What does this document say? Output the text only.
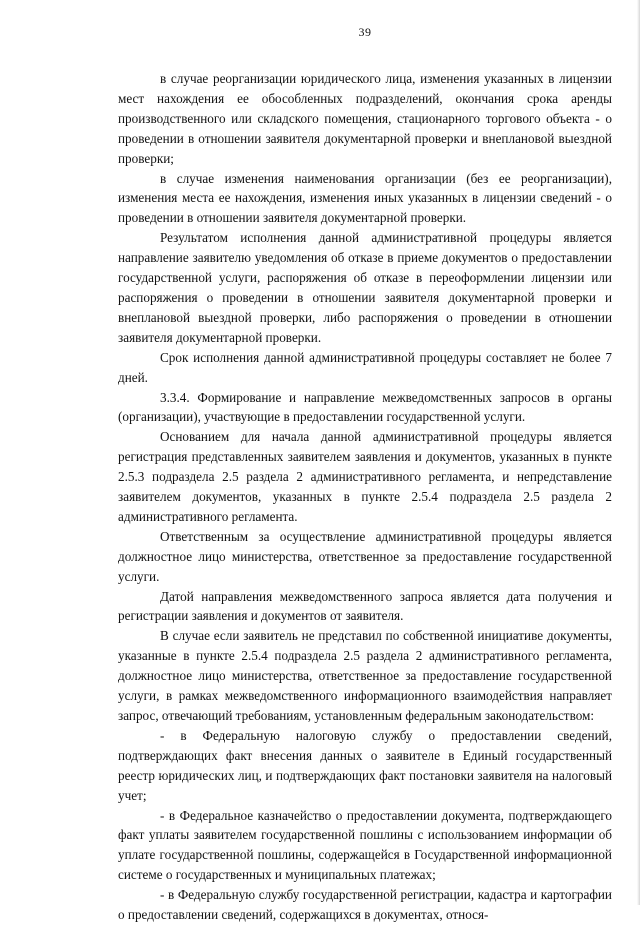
39

в случае реорганизации юридического лица, изменения указанных в лицензии мест нахождения ее обособленных подразделений, окончания срока аренды производственного или складского помещения, стационарного торгового объекта - о проведении в отношении заявителя документарной проверки и внеплановой выездной проверки;

в случае изменения наименования организации (без ее реорганизации), изменения места ее нахождения, изменения иных указанных в лицензии сведений - о проведении в отношении заявителя документарной проверки.

Результатом исполнения данной административной процедуры является направление заявителю уведомления об отказе в приеме документов о предоставлении государственной услуги, распоряжения об отказе в переоформлении лицензии или распоряжения о проведении в отношении заявителя документарной проверки и внеплановой выездной проверки, либо распоряжения о проведении в отношении заявителя документарной проверки.

Срок исполнения данной административной процедуры составляет не более 7 дней.

3.3.4. Формирование и направление межведомственных запросов в органы (организации), участвующие в предоставлении государственной услуги.

Основанием для начала данной административной процедуры является регистрация представленных заявителем заявления и документов, указанных в пункте 2.5.3 подраздела 2.5 раздела 2 административного регламента, и непредставление заявителем документов, указанных в пункте 2.5.4 подраздела 2.5 раздела 2 административного регламента.

Ответственным за осуществление административной процедуры является должностное лицо министерства, ответственное за предоставление государственной услуги.

Датой направления межведомственного запроса является дата получения и регистрации заявления и документов от заявителя.

В случае если заявитель не представил по собственной инициативе документы, указанные в пункте 2.5.4 подраздела 2.5 раздела 2 административного регламента, должностное лицо министерства, ответственное за предоставление государственной услуги, в рамках межведомственного информационного взаимодействия направляет запрос, отвечающий требованиям, установленным федеральным законодательством:

- в Федеральную налоговую службу о предоставлении сведений, подтверждающих факт внесения данных о заявителе в Единый государственный реестр юридических лиц, и подтверждающих факт постановки заявителя на налоговый учет;

- в Федеральное казначейство о предоставлении документа, подтверждающего факт уплаты заявителем государственной пошлины с использованием информации об уплате государственной пошлины, содержащейся в Государственной информационной системе о государственных и муниципальных платежах;

- в Федеральную службу государственной регистрации, кадастра и картографии о предоставлении сведений, содержащихся в документах, относя-
